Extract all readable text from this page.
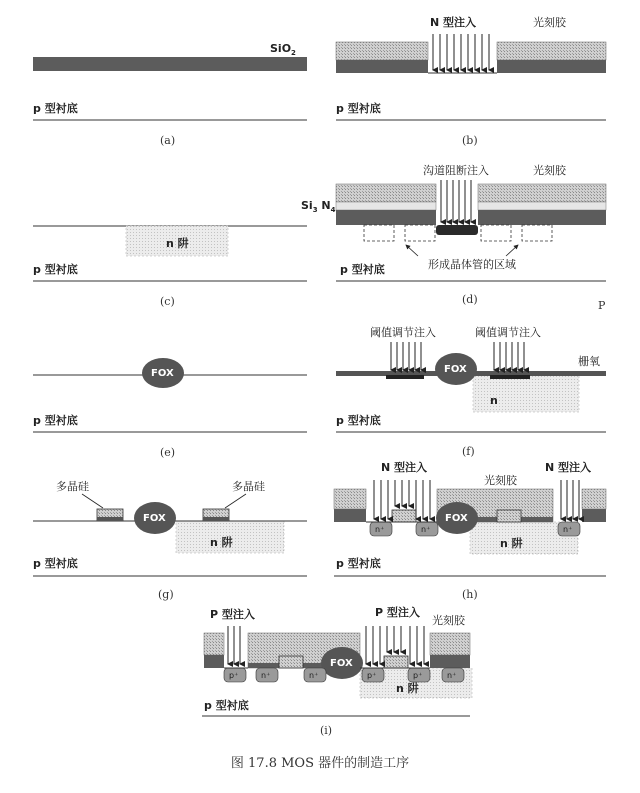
SiO$_2$
p 型衬底
(a)
N 型注入	光刻胶
p 型衬底
(b)
n 阱
p 型衬底
(c)
沟道阻断注入	光刻胶
$Si_3$ $N_4$
形成晶体管的区域
p 型衬底
(d)	P
FOX
p 型衬底
(e)
FOX
阈值调节注入	阈值调节注入
栅氧
n
p 型衬底
(f)
FOX
多晶硅	多晶硅
n 阱
p 型衬底
(g)
FOX
n⁺	n⁺	n⁺
N 型注入
光刻胶
N 型注入
n 阱
p 型衬底
(h)
FOX
p⁺	p⁺	p⁺
n⁺	n⁺	n⁺
P 型注入	P 型注入
光刻胶
n 阱
p 型衬底
(i)
图 17.8 MOS 器件的制造工序
